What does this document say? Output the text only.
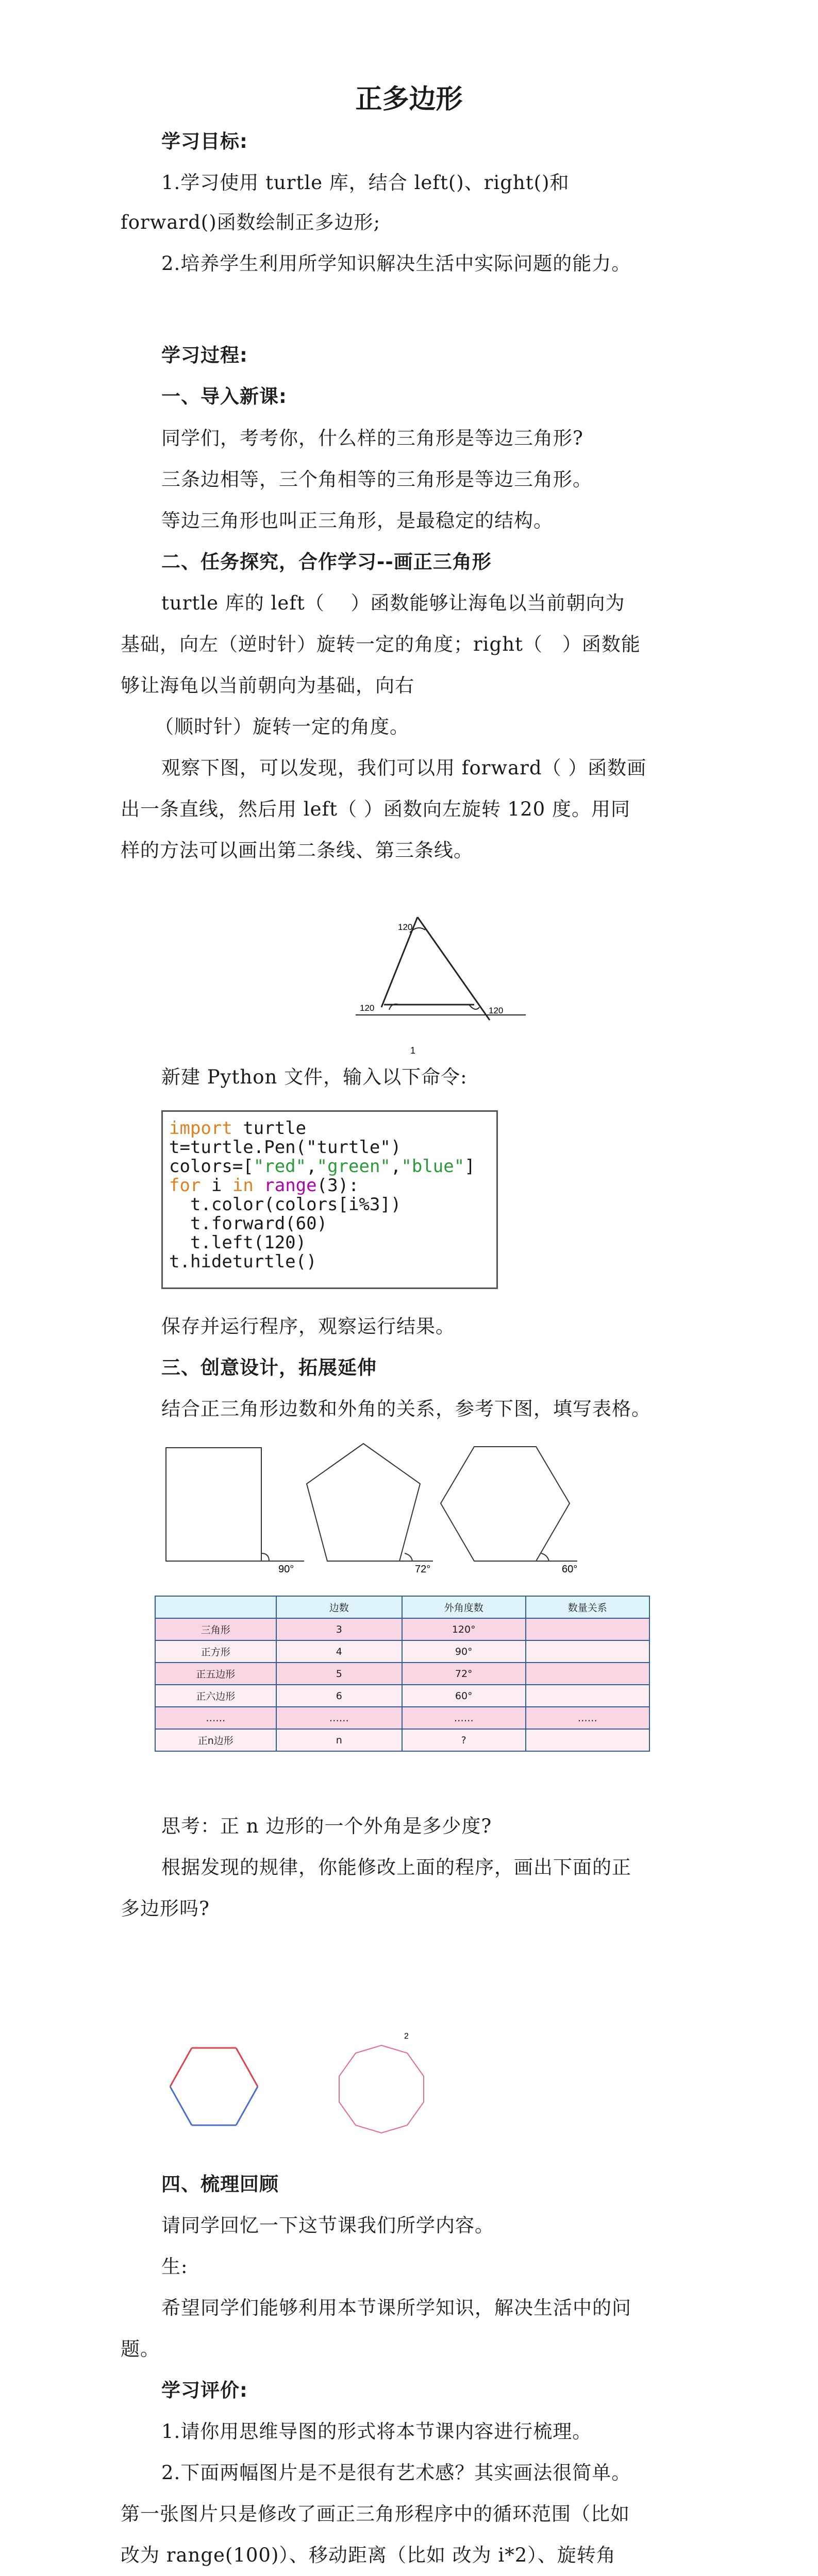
正多边形
学习目标:
1.学习使用 turtle 库，结合 left()、right()和
forward()函数绘制正多边形;
2.培养学生利用所学知识解决生活中实际问题的能力。
学习过程:
一、导入新课:
同学们，考考你，什么样的三角形是等边三角形?
三条边相等，三个角相等的三角形是等边三角形。
等边三角形也叫正三角形，是最稳定的结构。
二、任务探究，合作学习--画正三角形
turtle 库的 left（　 ）函数能够让海龟以当前朝向为
基础，向左（逆时针）旋转一定的角度；right（　）函数能
够让海龟以当前朝向为基础，向右
（顺时针）旋转一定的角度。
观察下图，可以发现，我们可以用 forward（ ）函数画
出一条直线，然后用 left（ ）函数向左旋转 120 度。用同
样的方法可以画出第二条线、第三条线。
120
120	120
1
新建 Python 文件，输入以下命令:
import turtle
t=turtle.Pen("turtle")
colors=["red","green","blue"]
for i in range(3):
t.color(colors[i%3])
t.forward(60)
t.left(120)
t.hideturtle()
保存并运行程序，观察运行结果。
三、创意设计，拓展延伸
结合正三角形边数和外角的关系，参考下图，填写表格。
90°	72°	60°
	边数	外角度数	数量关系
三角形	3	120°	
正方形	4	90°	
正五边形	5	72°	
正六边形	6	60°	
……	……	……	……
正n边形	n	?	
思考：正 n 边形的一个外角是多少度?
根据发现的规律，你能修改上面的程序，画出下面的正
多边形吗?
2
四、梳理回顾
请同学回忆一下这节课我们所学内容。
生:
希望同学们能够利用本节课所学知识，解决生活中的问
题。
学习评价:
1.请你用思维导图的形式将本节课内容进行梳理。
2.下面两幅图片是不是很有艺术感？其实画法很简单。
第一张图片只是修改了画正三角形程序中的循环范围（比如
改为 range(100)）、移动距离（比如 改为 i*2）、旋转角
